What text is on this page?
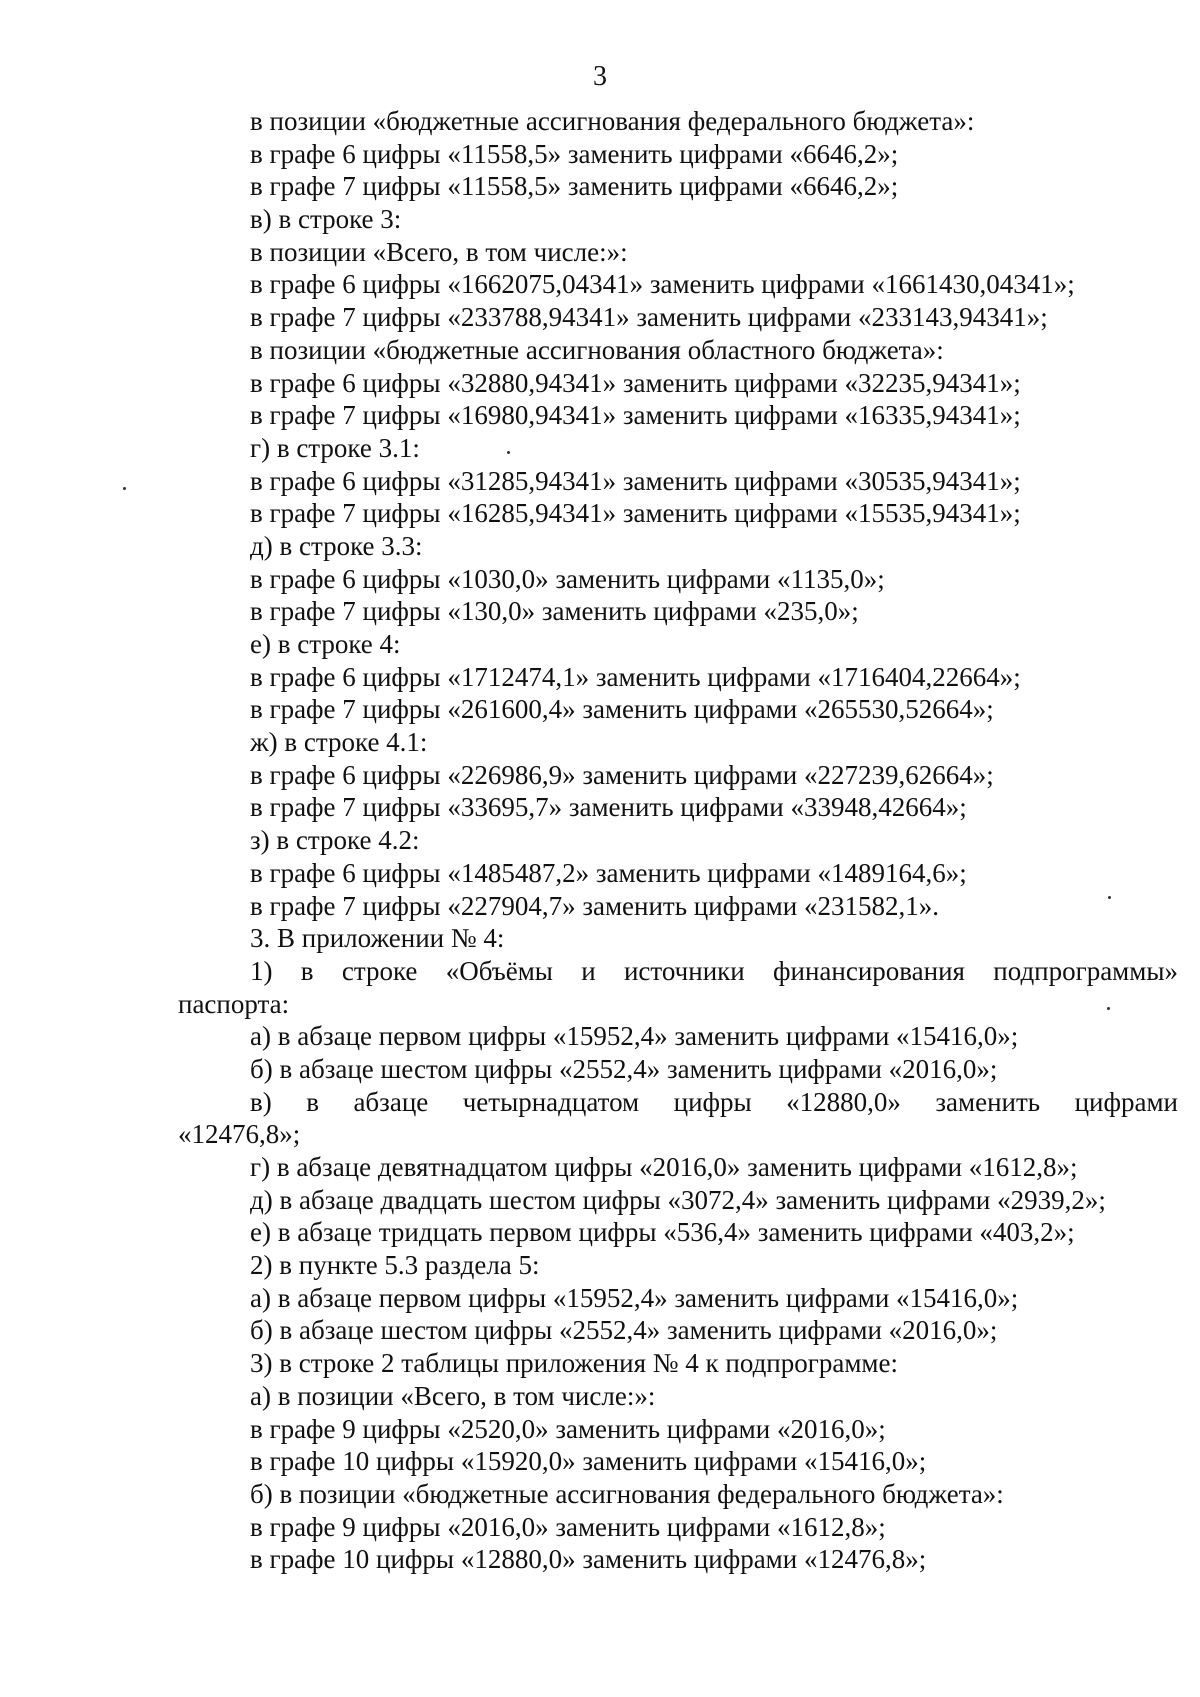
3
в позиции «бюджетные ассигнования федерального бюджета»:
в графе 6 цифры «11558,5» заменить цифрами «6646,2»;
в графе 7 цифры «11558,5» заменить цифрами «6646,2»;
в) в строке 3:
в позиции «Всего, в том числе:»:
в графе 6 цифры «1662075,04341» заменить цифрами «1661430,04341»;
в графе 7 цифры «233788,94341» заменить цифрами «233143,94341»;
в позиции «бюджетные ассигнования областного бюджета»:
в графе 6 цифры «32880,94341» заменить цифрами «32235,94341»;
в графе 7 цифры «16980,94341» заменить цифрами «16335,94341»;
г) в строке 3.1:
в графе 6 цифры «31285,94341» заменить цифрами «30535,94341»;
в графе 7 цифры «16285,94341» заменить цифрами «15535,94341»;
д) в строке 3.3:
в графе 6 цифры «1030,0» заменить цифрами «1135,0»;
в графе 7 цифры «130,0» заменить цифрами «235,0»;
е) в строке 4:
в графе 6 цифры «1712474,1» заменить цифрами «1716404,22664»;
в графе 7 цифры «261600,4» заменить цифрами «265530,52664»;
ж) в строке 4.1:
в графе 6 цифры «226986,9» заменить цифрами «227239,62664»;
в графе 7 цифры «33695,7» заменить цифрами «33948,42664»;
з) в строке 4.2:
в графе 6 цифры «1485487,2» заменить цифрами «1489164,6»;
в графе 7 цифры «227904,7» заменить цифрами «231582,1».
3. В приложении № 4:
1) в строке «Объёмы и источники финансирования подпрограммы»
паспорта:
а) в абзаце первом цифры «15952,4» заменить цифрами «15416,0»;
б) в абзаце шестом цифры «2552,4» заменить цифрами «2016,0»;
в) в абзаце четырнадцатом цифры «12880,0» заменить цифрами
«12476,8»;
г) в абзаце девятнадцатом цифры «2016,0» заменить цифрами «1612,8»;
д) в абзаце двадцать шестом цифры «3072,4» заменить цифрами «2939,2»;
е) в абзаце тридцать первом цифры «536,4» заменить цифрами «403,2»;
2) в пункте 5.3 раздела 5:
а) в абзаце первом цифры «15952,4» заменить цифрами «15416,0»;
б) в абзаце шестом цифры «2552,4» заменить цифрами «2016,0»;
3) в строке 2 таблицы приложения № 4 к подпрограмме:
а) в позиции «Всего, в том числе:»:
в графе 9 цифры «2520,0» заменить цифрами «2016,0»;
в графе 10 цифры «15920,0» заменить цифрами «15416,0»;
б) в позиции «бюджетные ассигнования федерального бюджета»:
в графе 9 цифры «2016,0» заменить цифрами «1612,8»;
в графе 10 цифры «12880,0» заменить цифрами «12476,8»;
